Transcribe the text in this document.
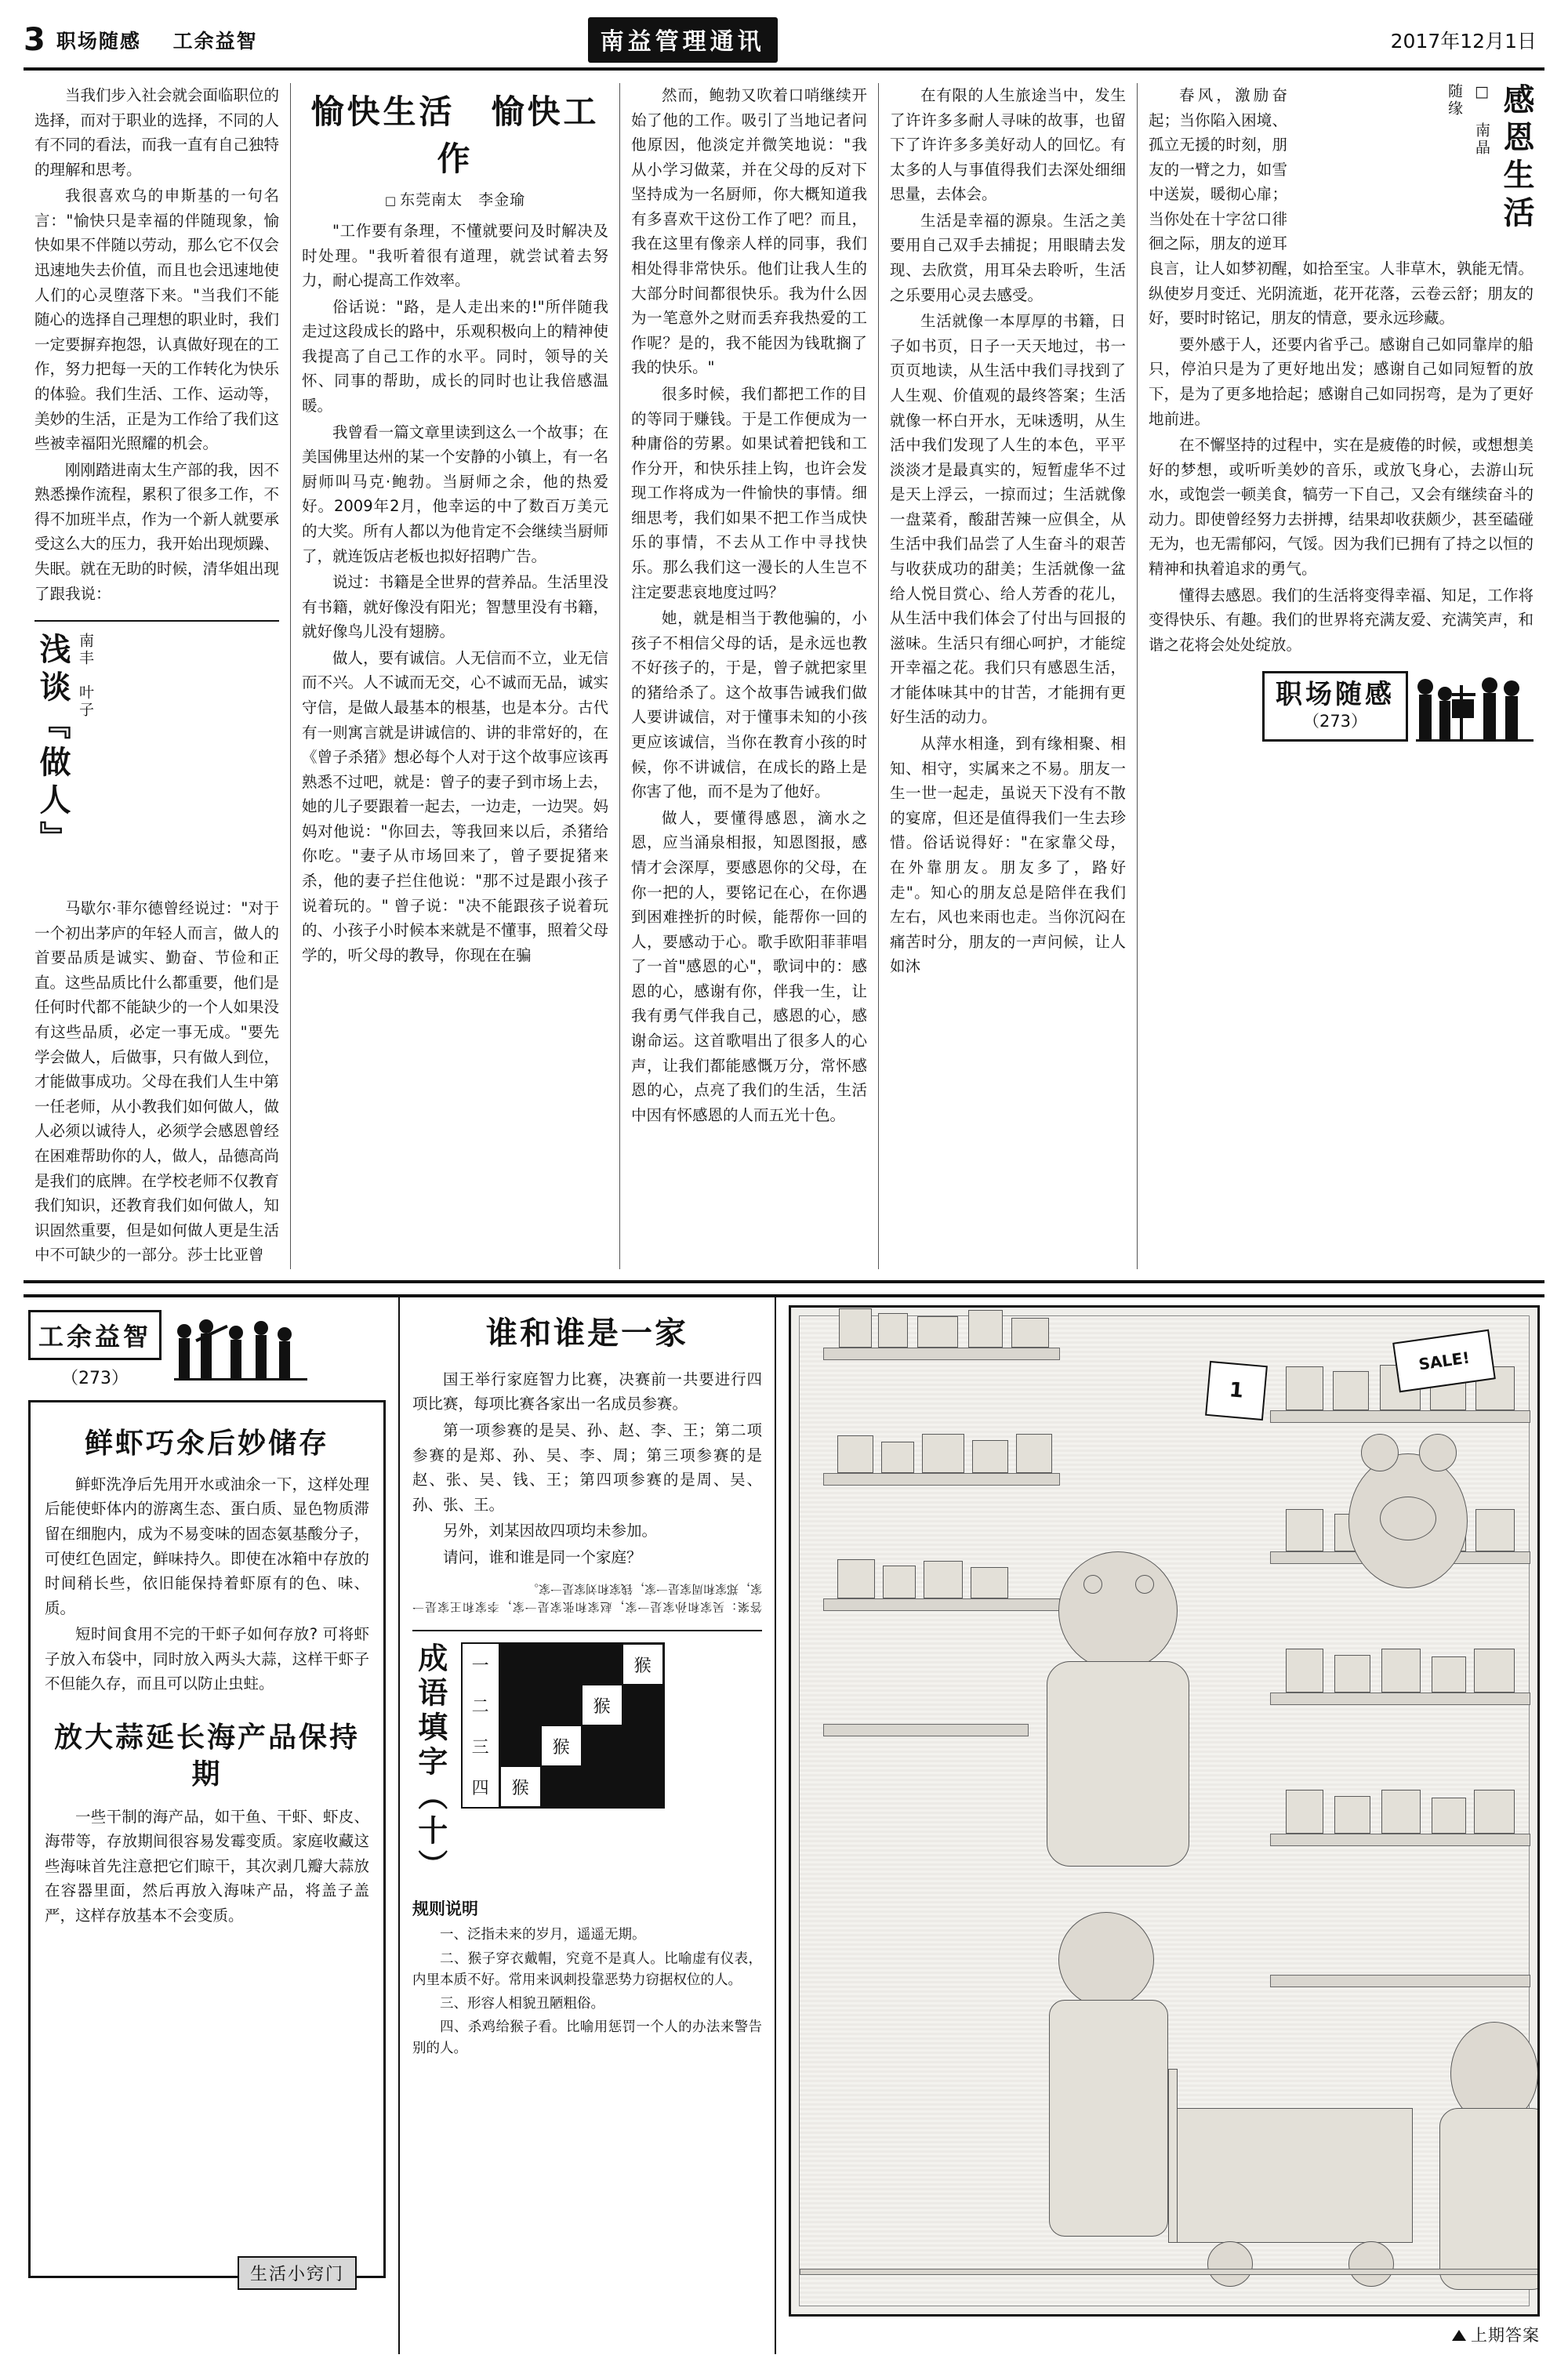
3 职场随感 工余益智	南益管理通讯	2017年12月1日

当我们步入社会就会面临职位的选择，而对于职业的选择，不同的人有不同的看法，而我一直有自己独特的理解和思考。

我很喜欢乌的申斯基的一句名言："愉快只是幸福的伴随现象，愉快如果不伴随以劳动，那么它不仅会迅速地失去价值，而且也会迅速地使人们的心灵堕落下来。"当我们不能随心的选择自己理想的职业时，我们一定要摒弃抱怨，认真做好现在的工作，努力把每一天的工作转化为快乐的体验。我们生活、工作、运动等，美妙的生活，正是为工作给了我们这些被幸福阳光照耀的机会。

刚刚踏进南太生产部的我，因不熟悉操作流程，累积了很多工作，不得不加班半点，作为一个新人就要承受这么大的压力，我开始出现烦躁、失眠。就在无助的时候，清华姐出现了跟我说：

浅谈『做人』 南丰　叶子

马歇尔·菲尔德曾经说过："对于一个初出茅庐的年轻人而言，做人的首要品质是诚实、勤奋、节俭和正直。这些品质比什么都重要，他们是任何时代都不能缺少的一个人如果没有这些品质，必定一事无成。"要先学会做人，后做事，只有做人到位，才能做事成功。父母在我们人生中第一任老师，从小教我们如何做人，做人必须以诚待人，必须学会感恩曾经在困难帮助你的人，做人，品德高尚是我们的底牌。在学校老师不仅教育我们知识，还教育我们如何做人，知识固然重要，但是如何做人更是生活中不可缺少的一部分。莎士比亚曾

愉快生活　愉快工作
□ 东莞南太　 李金瑜

"工作要有条理，不懂就要问及时解决及时处理。"我听着很有道理，就尝试着去努力，耐心提高工作效率。

俗话说："路，是人走出来的!"所伴随我走过这段成长的路中，乐观积极向上的精神使我提高了自己工作的水平。同时，领导的关怀、同事的帮助，成长的同时也让我倍感温暖。

我曾看一篇文章里读到这么一个故事；在美国佛里达州的某一个安静的小镇上，有一名厨师叫马克·鲍勃。当厨师之余，他的热爱好。2009年2月，他幸运的中了数百万美元的大奖。所有人都以为他肯定不会继续当厨师了，就连饭店老板也拟好招聘广告。

说过：书籍是全世界的营养品。生活里没有书籍，就好像没有阳光；智慧里没有书籍，就好像鸟儿没有翅膀。

做人，要有诚信。人无信而不立，业无信而不兴。人不诚而无交，心不诚而无品，诚实守信，是做人最基本的根基，也是本分。古代有一则寓言就是讲诚信的、讲的非常好的，在《曾子杀猪》想必每个人对于这个故事应该再熟悉不过吧，就是：曾子的妻子到市场上去，她的儿子要跟着一起去，一边走，一边哭。妈妈对他说："你回去，等我回来以后，杀猪给你吃。"妻子从市场回来了，曾子要捉猪来杀，他的妻子拦住他说："那不过是跟小孩子说着玩的。" 曾子说："决不能跟孩子说着玩的、小孩子小时候本来就是不懂事，照着父母学的，听父母的教导，你现在在骗

然而，鲍勃又吹着口哨继续开始了他的工作。吸引了当地记者问他原因，他淡定并微笑地说："我从小学习做菜，并在父母的反对下坚持成为一名厨师，你大概知道我有多喜欢干这份工作了吧？而且，我在这里有像亲人样的同事，我们相处得非常快乐。他们让我人生的大部分时间都很快乐。我为什么因为一笔意外之财而丢弃我热爱的工作呢？是的，我不能因为钱耽搁了我的快乐。"

很多时候，我们都把工作的目的等同于赚钱。于是工作便成为一种庸俗的劳累。如果试着把钱和工作分开，和快乐挂上钩，也许会发现工作将成为一件愉快的事情。细细思考，我们如果不把工作当成快乐的事情，不去从工作中寻找快乐。那么我们这一漫长的人生岂不注定要悲哀地度过吗？

她，就是相当于教他骗的，小孩子不相信父母的话，是永远也教不好孩子的，于是，曾子就把家里的猪给杀了。这个故事告诫我们做人要讲诚信，对于懂事未知的小孩更应该诚信，当你在教育小孩的时候，你不讲诚信，在成长的路上是你害了他，而不是为了他好。

做人，要懂得感恩，滴水之恩，应当涌泉相报，知恩图报，感情才会深厚，要感恩你的父母，在你一把的人，要铭记在心，在你遇到困难挫折的时候，能帮你一回的人，要感动于心。歌手欧阳菲菲唱了一首"感恩的心"，歌词中的：感恩的心，感谢有你，伴我一生，让我有勇气伴我自己，感恩的心，感谢命运。这首歌唱出了很多人的心声，让我们都能感慨万分，常怀感恩的心，点亮了我们的生活，生活中因有怀感恩的人而五光十色。

在有限的人生旅途当中，发生了许许多多耐人寻味的故事，也留下了许许多多美好动人的回忆。有太多的人与事值得我们去深处细细思量，去体会。

生活是幸福的源泉。生活之美要用自己双手去捕捉；用眼睛去发现、去欣赏，用耳朵去聆听，生活之乐要用心灵去感受。

生活就像一本厚厚的书籍，日子如书页，日子一天天地过，书一页页地读，从生活中我们寻找到了人生观、价值观的最终答案；生活就像一杯白开水，无味透明，从生活中我们发现了人生的本色，平平淡淡才是最真实的，短暂虚华不过是天上浮云，一掠而过；生活就像一盘菜肴，酸甜苦辣一应俱全，从生活中我们品尝了人生奋斗的艰苦与收获成功的甜美；生活就像一盆给人悦目赏心、给人芳香的花儿，从生活中我们体会了付出与回报的滋味。生活只有细心呵护，才能绽开幸福之花。我们只有感恩生活，才能体味其中的甘苦，才能拥有更好生活的动力。

从萍水相逢，到有缘相聚、相知、相守，实属来之不易。朋友一生一世一起走，虽说天下没有不散的宴席，但还是值得我们一生去珍惜。俗话说得好："在家靠父母，在外靠朋友。朋友多了，路好走"。知心的朋友总是陪伴在我们左右，风也来雨也走。当你沉闷在痛苦时分，朋友的一声问候，让人如沐

感恩生活
□ 南晶
随缘

春风，激励奋起；当你陷入困境、孤立无援的时刻，朋友的一臂之力，如雪中送炭，暖彻心扉；当你处在十字岔口徘徊之际，朋友的逆耳良言，让人如梦初醒，如拾至宝。人非草木，孰能无情。纵使岁月变迁、光阴流逝，花开花落，云卷云舒；朋友的好，要时时铭记，朋友的情意，要永远珍藏。

要外感于人，还要内省乎己。感谢自己如同靠岸的船只，停泊只是为了更好地出发；感谢自己如同短暂的放下，是为了更多地拾起；感谢自己如同拐弯，是为了更好地前进。

在不懈坚持的过程中，实在是疲倦的时候，或想想美好的梦想，或听听美妙的音乐，或放飞身心，去游山玩水，或饱尝一顿美食，犒劳一下自己，又会有继续奋斗的动力。即使曾经努力去拼搏，结果却收获颇少，甚至磕碰无为，也无需郁闷，气馁。因为我们已拥有了持之以恒的精神和执着追求的勇气。

懂得去感恩。我们的生活将变得幸福、知足，工作将变得快乐、有趣。我们的世界将充满友爱、充满笑声，和谐之花将会处处绽放。

职场随感
（273）
工余益智
（273）
鲜虾巧氽后妙储存

鲜虾洗净后先用开水或油氽一下，这样处理后能使虾体内的游离生态、蛋白质、显色物质滞留在细胞内，成为不易变味的固态氨基酸分子，可使红色固定，鲜味持久。即使在冰箱中存放的时间稍长些，依旧能保持着虾原有的色、味、质。

短时间食用不完的干虾子如何存放? 可将虾子放入布袋中，同时放入两头大蒜，这样干虾子不但能久存，而且可以防止虫蛀。

放大蒜延长海产品保持期

一些干制的海产品，如干鱼、干虾、虾皮、海带等，存放期间很容易发霉变质。家庭收藏这些海味首先注意把它们晾干，其次剥几瓣大蒜放在容器里面，然后再放入海味产品，将盖子盖严，这样存放基本不会变质。

生活小窍门
谁和谁是一家

国王举行家庭智力比赛，决赛前一共要进行四项比赛，每项比赛各家出一名成员参赛。

第一项参赛的是吴、孙、赵、李、王；第二项参赛的是郑、孙、吴、李、周；第三项参赛的是赵、张、吴、钱、王；第四项参赛的是周、吴、孙、张、王。

另外，刘某因故四项均未参加。

请问，谁和谁是同一个家庭？

答案：吴家和孙家是一家，赵家和张家是一家，李家和王家是一家，郑家和周家是一家，钱家和刘家是一家。
成语填字（十）	一	猴
二	猴
三	猴
四	猴
规则说明

一、泛指未来的岁月，遥遥无期。

二、猴子穿衣戴帽，究竟不是真人。比喻虚有仪表，内里本质不好。常用来讽刺投靠恶势力窃据权位的人。

三、形容人相貌丑陋粗俗。

四、杀鸡给猴子看。比喻用惩罚一个人的办法来警告别的人。

SALE!
1
上期答案
